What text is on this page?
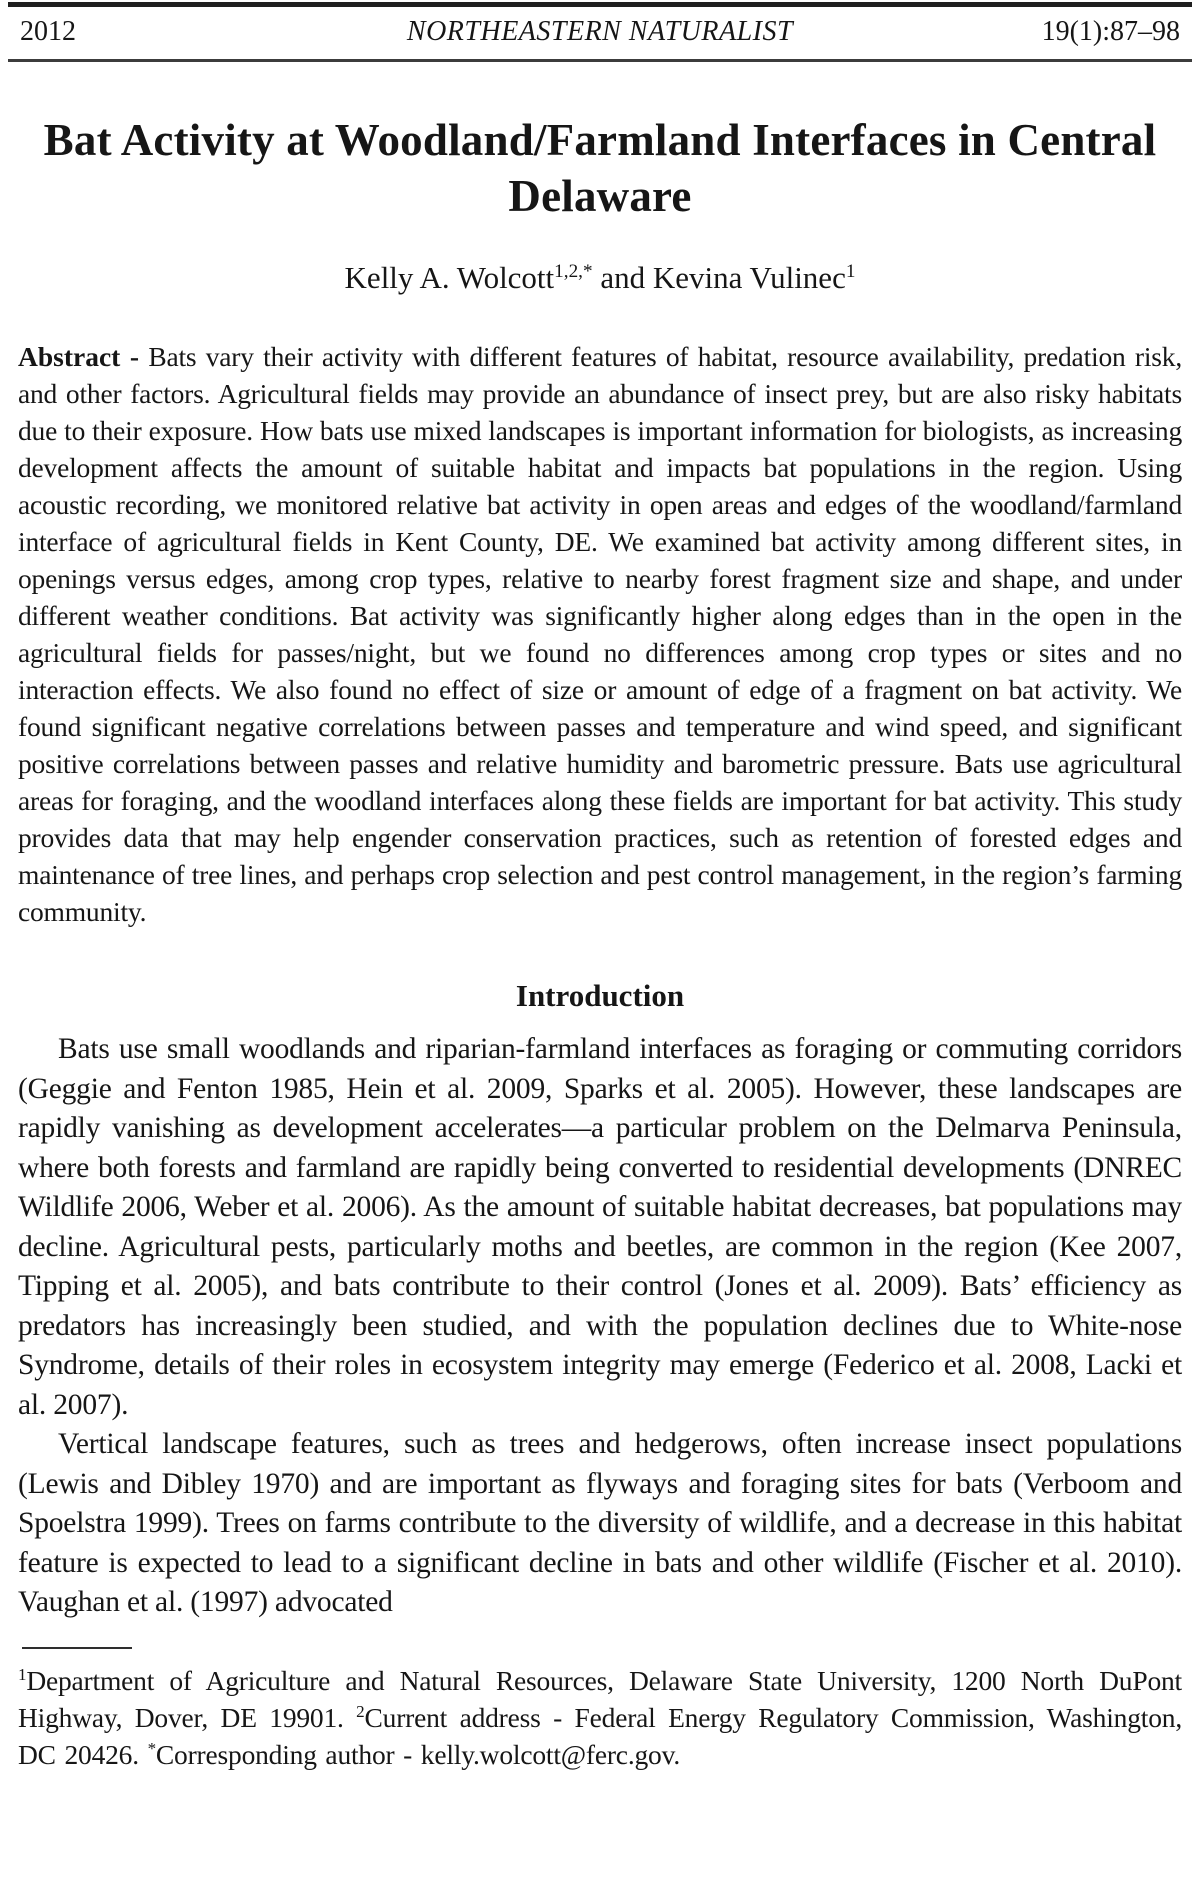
2012	NORTHEASTERN NATURALIST	19(1):87–98
Bat Activity at Woodland/Farmland Interfaces in Central Delaware
Kelly A. Wolcott$^{1,2,*}$ and Kevina Vulinec$^1$

Abstract - Bats vary their activity with different features of habitat, resource availability, predation risk, and other factors. Agricultural fields may provide an abundance of insect prey, but are also risky habitats due to their exposure. How bats use mixed landscapes is important information for biologists, as increasing development affects the amount of suitable habitat and impacts bat populations in the region. Using acoustic recording, we monitored relative bat activity in open areas and edges of the woodland/farmland interface of agricultural fields in Kent County, DE. We examined bat activity among different sites, in openings versus edges, among crop types, relative to nearby forest fragment size and shape, and under different weather conditions. Bat activity was significantly higher along edges than in the open in the agricultural fields for passes/night, but we found no differences among crop types or sites and no interaction effects. We also found no effect of size or amount of edge of a fragment on bat activity. We found significant negative correlations between passes and temperature and wind speed, and significant positive correlations between passes and relative humidity and barometric pressure. Bats use agricultural areas for foraging, and the woodland interfaces along these fields are important for bat activity. This study provides data that may help engender conservation practices, such as retention of forested edges and maintenance of tree lines, and perhaps crop selection and pest control management, in the region’s farming community.

Introduction

Bats use small woodlands and riparian-farmland interfaces as foraging or commuting corridors (Geggie and Fenton 1985, Hein et al. 2009, Sparks et al. 2005). However, these landscapes are rapidly vanishing as development accelerates—a particular problem on the Delmarva Peninsula, where both forests and farmland are rapidly being converted to residential developments (DNREC Wildlife 2006, Weber et al. 2006). As the amount of suitable habitat decreases, bat populations may decline. Agricultural pests, particularly moths and beetles, are common in the region (Kee 2007, Tipping et al. 2005), and bats contribute to their control (Jones et al. 2009). Bats’ efficiency as predators has increasingly been studied, and with the population declines due to White-nose Syndrome, details of their roles in ecosystem integrity may emerge (Federico et al. 2008, Lacki et al. 2007).

Vertical landscape features, such as trees and hedgerows, often increase insect populations (Lewis and Dibley 1970) and are important as flyways and foraging sites for bats (Verboom and Spoelstra 1999). Trees on farms contribute to the diversity of wildlife, and a decrease in this habitat feature is expected to lead to a significant decline in bats and other wildlife (Fischer et al. 2010). Vaughan et al. (1997) advocated

$^1$Department of Agriculture and Natural Resources, Delaware State University, 1200 North DuPont Highway, Dover, DE 19901. $^2$Current address - Federal Energy Regulatory Commission, Washington, DC 20426. *Corresponding author - kelly.wolcott@ferc.gov.
